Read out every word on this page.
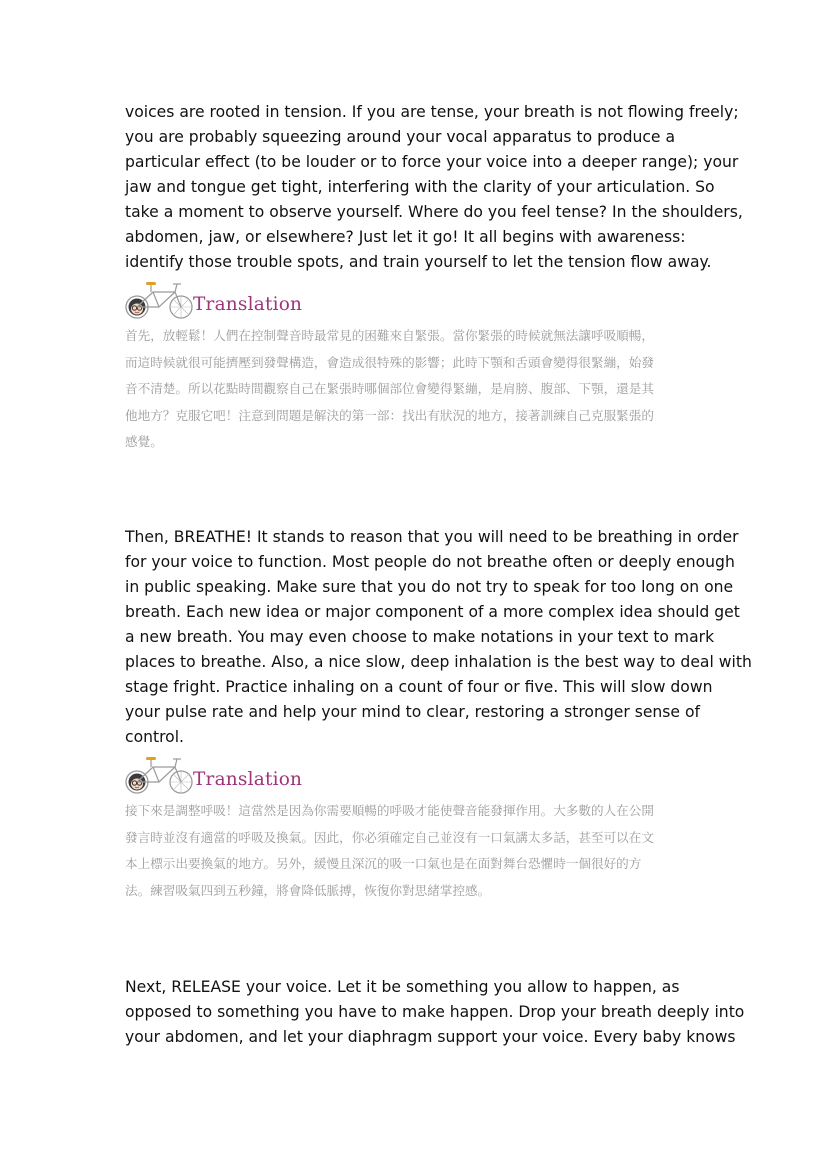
voices are rooted in tension. If you are tense, your breath is not flowing freely;
you are probably squeezing around your vocal apparatus to produce a
particular effect (to be louder or to force your voice into a deeper range); your
jaw and tongue get tight, interfering with the clarity of your articulation. So
take a moment to observe yourself. Where do you feel tense? In the shoulders,
abdomen, jaw, or elsewhere? Just let it go! It all begins with awareness:
identify those trouble spots, and train yourself to let the tension flow away.

Translation

首先，放輕鬆！人們在控制聲音時最常見的困難來自緊張。當你緊張的時候就無法讓呼吸順暢，
而這時候就很可能擠壓到發聲構造，會造成很特殊的影響；此時下顎和舌頭會變得很緊繃，始發
音不清楚。所以花點時間觀察自己在緊張時哪個部位會變得緊繃，是肩膀、腹部、下顎，還是其
他地方？克服它吧！注意到問題是解決的第一部：找出有狀況的地方，接著訓練自己克服緊張的
感覺。

Then, BREATHE! It stands to reason that you will need to be breathing in order
for your voice to function. Most people do not breathe often or deeply enough
in public speaking. Make sure that you do not try to speak for too long on one
breath. Each new idea or major component of a more complex idea should get
a new breath. You may even choose to make notations in your text to mark
places to breathe. Also, a nice slow, deep inhalation is the best way to deal with
stage fright. Practice inhaling on a count of four or five. This will slow down
your pulse rate and help your mind to clear, restoring a stronger sense of
control.

Translation

接下來是調整呼吸！這當然是因為你需要順暢的呼吸才能使聲音能發揮作用。大多數的人在公開
發言時並沒有適當的呼吸及換氣。因此，你必須確定自己並沒有一口氣講太多話，甚至可以在文
本上標示出要換氣的地方。另外，緩慢且深沉的吸一口氣也是在面對舞台恐懼時一個很好的方
法。練習吸氣四到五秒鐘，將會降低脈搏，恢復你對思緒掌控感。

Next, RELEASE your voice. Let it be something you allow to happen, as
opposed to something you have to make happen. Drop your breath deeply into
your abdomen, and let your diaphragm support your voice. Every baby knows
